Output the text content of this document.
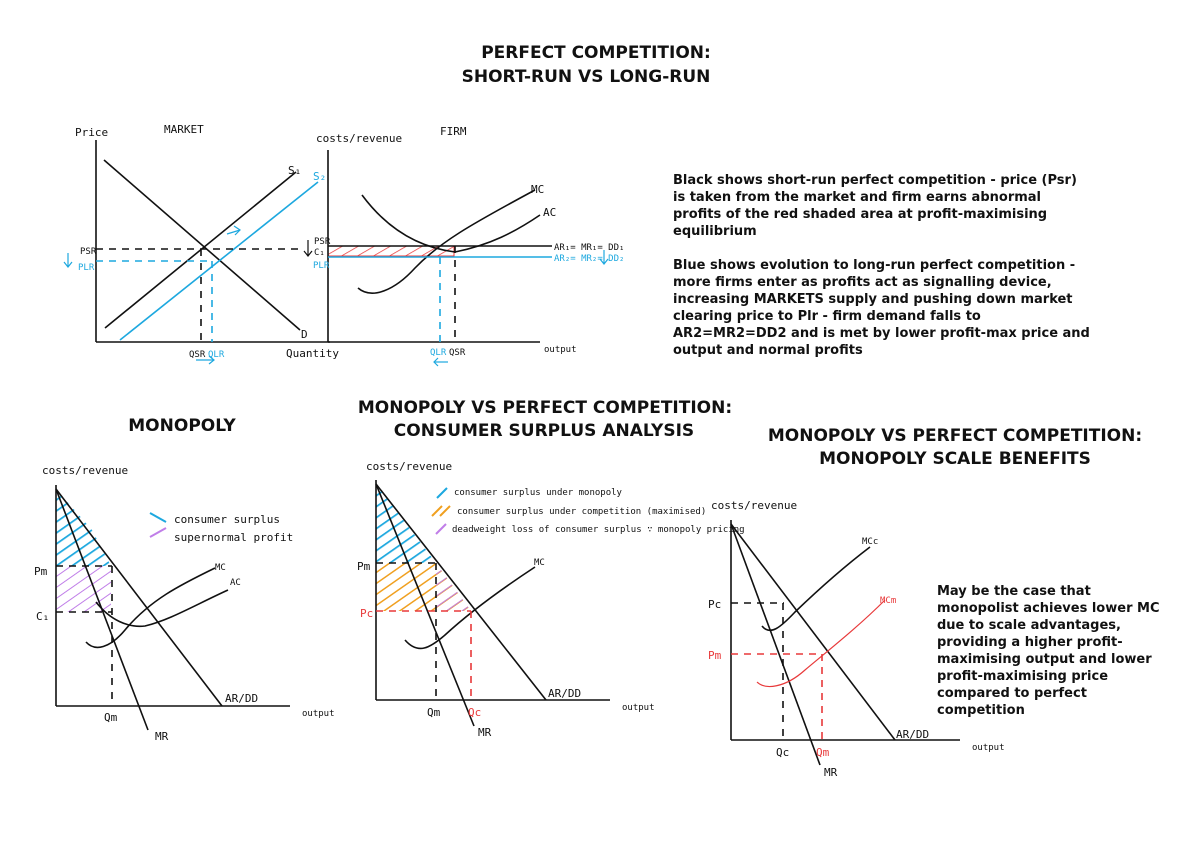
PERFECT COMPETITION:
SHORT-RUN VS LONG-RUN
Price	MARKET
S₁ S₂
D
PSR
PLR
QSR QLR	Quantity
costs/revenue
FIRM
MC
AC
AR₁= MR₁= DD₁
AR₂= MR₂= DD₂
PSR
C₁
PLR
QLR QSR	output
MONOPOLY
costs/revenue
consumer surplus
supernormal profit
MC
AC
Pm
C₁
Qm
MR
AR/DD
output
MONOPOLY VS PERFECT COMPETITION:
CONSUMER SURPLUS ANALYSIS
costs/revenue
consumer surplus under monopoly
consumer surplus under competition (maximised)
deadweight loss of consumer surplus ∵ monopoly pricing
MC
Pm
Pc
Qm	Qc
MR
AR/DD
output
MONOPOLY VS PERFECT COMPETITION:
MONOPOLY SCALE BENEFITS
costs/revenue
MCc
MCm
Pc
Pm
Qc Qm
MR
AR/DD
output
Black shows short-run perfect competition - price (Psr) is taken from the market and firm earns abnormal profits of the red shaded area at profit-maximising equilibrium
Blue shows evolution to long-run perfect competition - more firms enter as profits act as signalling device, increasing MARKETS supply and pushing down market clearing price to Plr - firm demand falls to AR2=MR2=DD2 and is met by lower profit-max price and output and normal profits
May be the case that monopolist achieves lower MC due to scale advantages, providing a higher profit-maximising output and lower profit-maximising price compared to perfect competition
